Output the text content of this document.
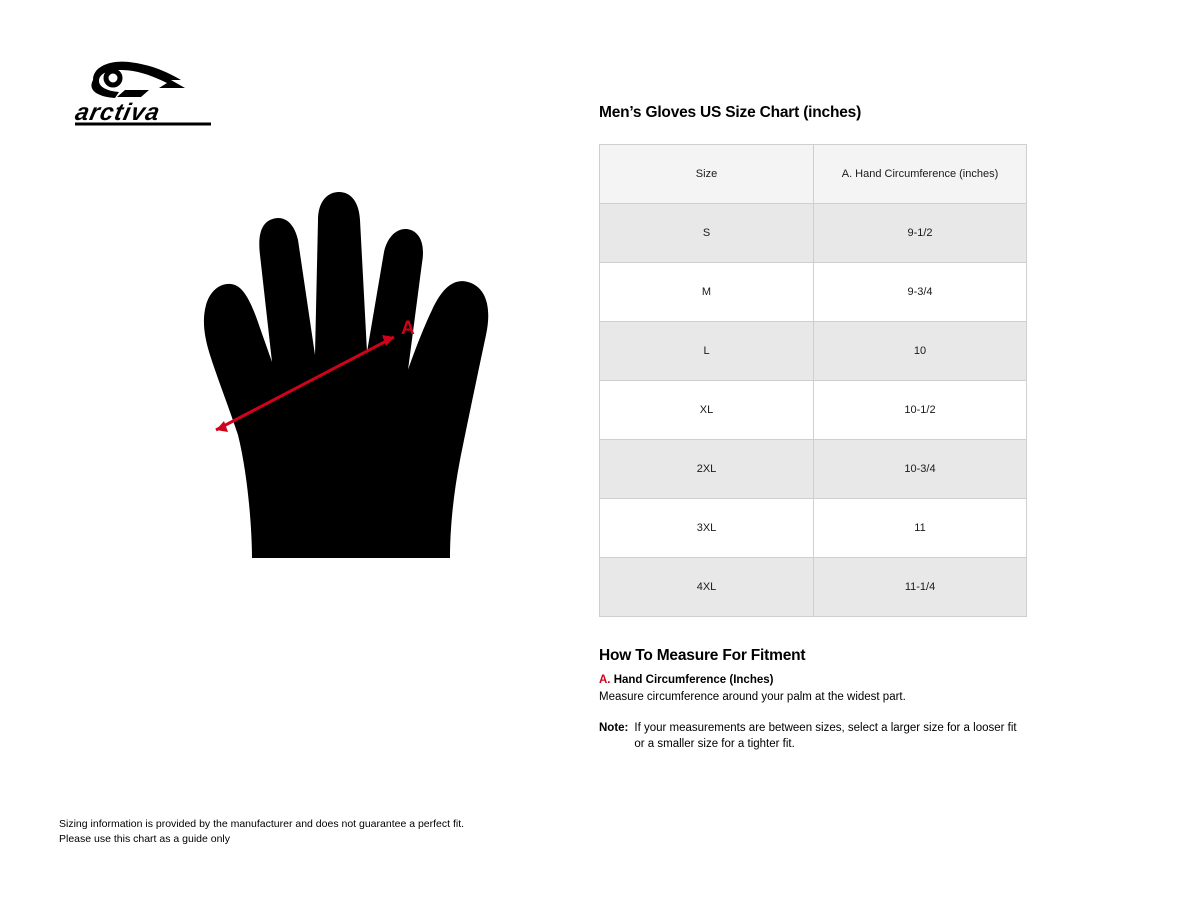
arctiva
A
Men’s Gloves US Size Chart (inches)
Size	A. Hand Circumference (inches)
S	9-1/2
M	9-3/4
L	10
XL	10-1/2
2XL	10-3/4
3XL	11
4XL	11-1/4
How To Measure For Fitment

A. Hand Circumference (Inches)

Measure circumference around your palm at the widest part.

Note: If your measurements are between sizes, select a larger size for a looser fit or a smaller size for a tighter fit.
Sizing information is provided by the manufacturer and does not guarantee a perfect fit.
Please use this chart as a guide only
